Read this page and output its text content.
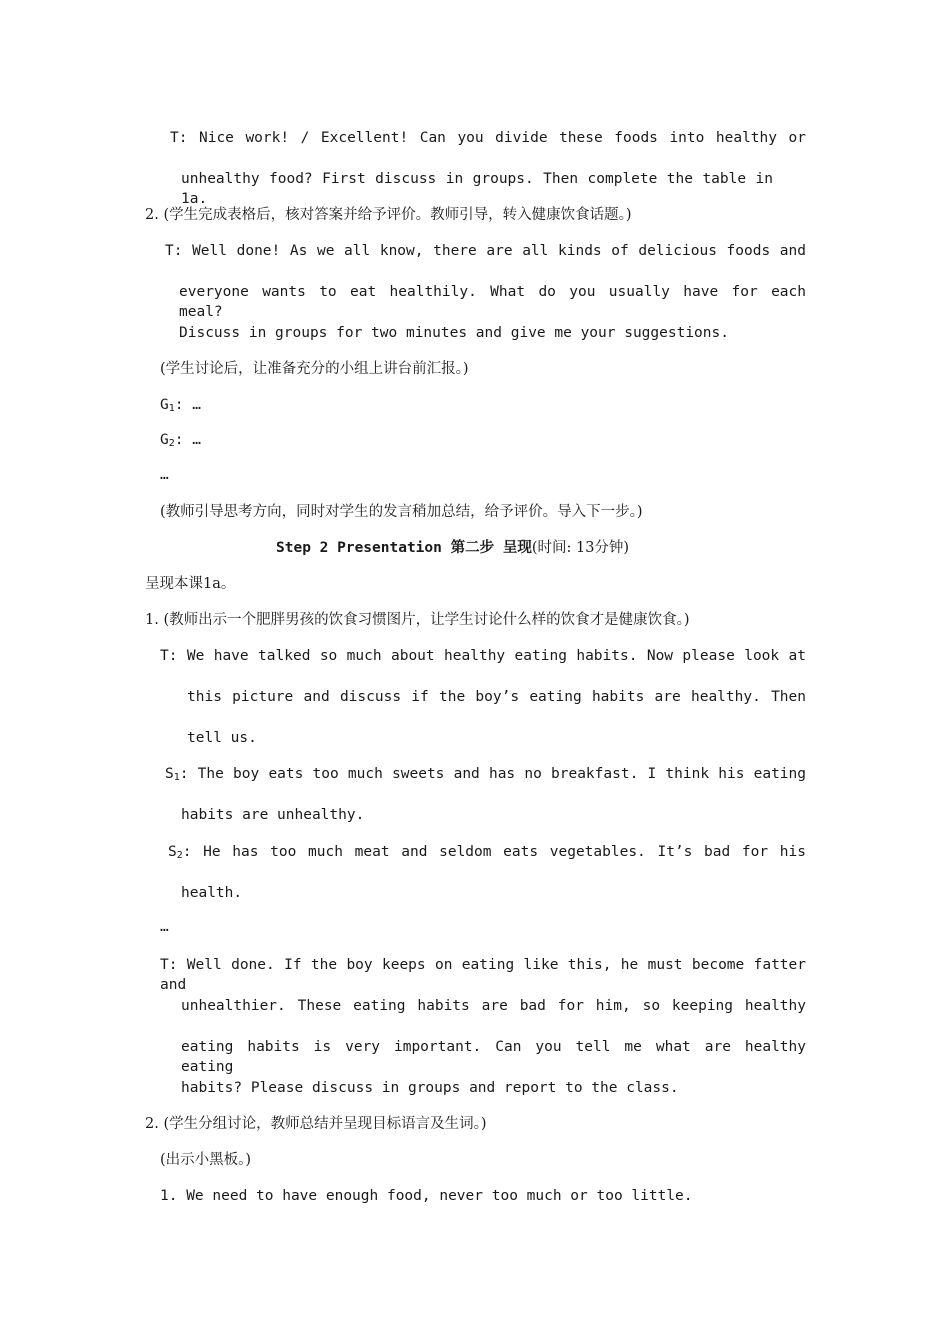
T: Nice work! / Excellent! Can you divide these foods into healthy or

unhealthy food? First discuss in groups. Then complete the table in 1a.

2. (学生完成表格后，核对答案并给予评价。教师引导，转入健康饮食话题。)

T: Well done! As we all know, there are all kinds of delicious foods and

everyone wants to eat healthily. What do you usually have for each meal?

Discuss in groups for two minutes and give me your suggestions.

(学生讨论后，让准备充分的小组上讲台前汇报。)

$G_1$: …

$G_2$: …

…

(教师引导思考方向，同时对学生的发言稍加总结，给予评价。导入下一步。)

Step 2 Presentation 第二步 呈现(时间: 13分钟)

呈现本课1a。

1. (教师出示一个肥胖男孩的饮食习惯图片，让学生讨论什么样的饮食才是健康饮食。)

T: We have talked so much about healthy eating habits. Now please look at

this picture and discuss if the boy’s eating habits are healthy. Then

tell us.

$S_1$: The boy eats too much sweets and has no breakfast. I think his eating

habits are unhealthy.

$S_2$: He has too much meat and seldom eats vegetables. It’s bad for his

health.

…

T: Well done. If the boy keeps on eating like this, he must become fatter and

unhealthier. These eating habits are bad for him, so keeping healthy

eating habits is very important. Can you tell me what are healthy eating

habits? Please discuss in groups and report to the class.

2. (学生分组讨论，教师总结并呈现目标语言及生词。)

(出示小黑板。)

1. We need to have enough food, never too much or too little.
